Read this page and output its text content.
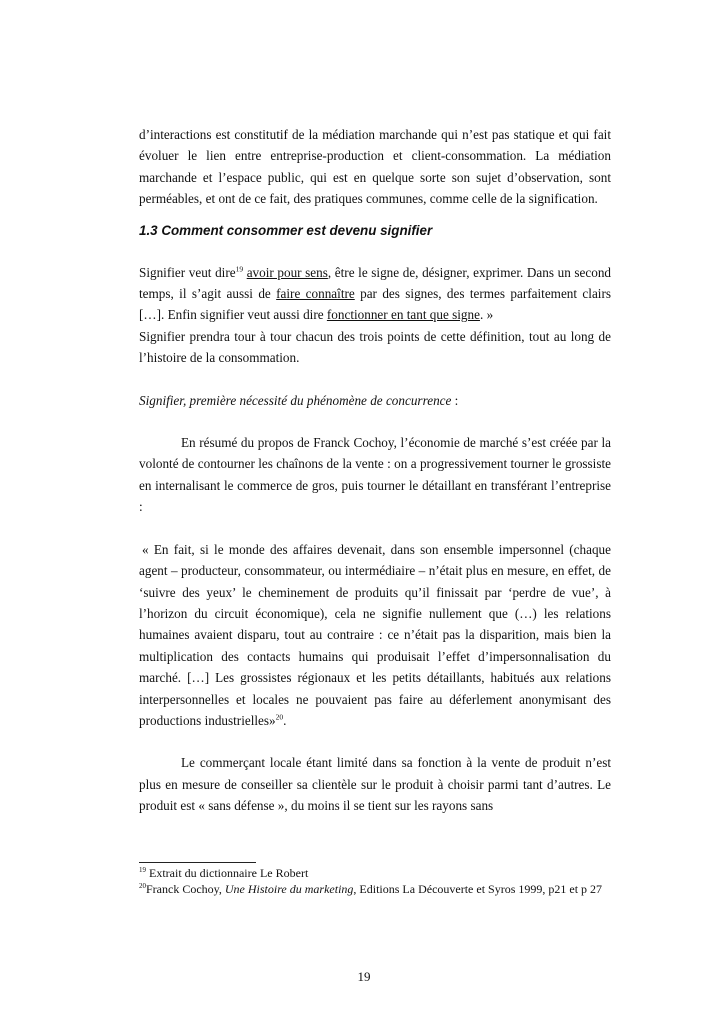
d’interactions est constitutif de la médiation marchande qui n’est pas statique et qui fait évoluer le lien entre entreprise-production et client-consommation. La médiation marchande et l’espace public, qui est en quelque sorte son sujet d’observation, sont perméables, et ont de ce fait, des pratiques communes, comme celle de la signification.

1.3 Comment consommer est devenu signifier

Signifier veut dire$^{19}$ avoir pour sens, être le signe de, désigner, exprimer. Dans un second temps, il s’agit aussi de faire connaître par des signes, des termes parfaitement clairs […]. Enfin signifier veut aussi dire fonctionner en tant que signe. »

Signifier prendra tour à tour chacun des trois points de cette définition, tout au long de l’histoire de la consommation.

Signifier, première nécessité du phénomène de concurrence :

En résumé du propos de Franck Cochoy, l’économie de marché s’est créée par la volonté de contourner les chaînons de la vente : on a progressivement tourner le grossiste en internalisant le commerce de gros, puis tourner le détaillant en transférant l’entreprise :

« En fait, si le monde des affaires devenait, dans son ensemble impersonnel (chaque agent – producteur, consommateur, ou intermédiaire – n’était plus en mesure, en effet, de ‘suivre des yeux’ le cheminement de produits qu’il finissait par ‘perdre de vue’, à l’horizon du circuit économique), cela ne signifie nullement que (…) les relations humaines avaient disparu, tout au contraire : ce n’était pas la disparition, mais bien la multiplication des contacts humains qui produisait l’effet d’impersonnalisation du marché. […] Les grossistes régionaux et les petits détaillants, habitués aux relations interpersonnelles et locales ne pouvaient pas faire au déferlement anonymisant des productions industrielles»$^{20}$.

Le commerçant locale étant limité dans sa fonction à la vente de produit n’est plus en mesure de conseiller sa clientèle sur le produit à choisir parmi tant d’autres. Le produit est « sans défense », du moins il se tient sur les rayons sans

$^{19}$ Extrait du dictionnaire Le Robert
$^{20}$Franck Cochoy, Une Histoire du marketing, Editions La Découverte et Syros 1999, p21 et p 27
19
